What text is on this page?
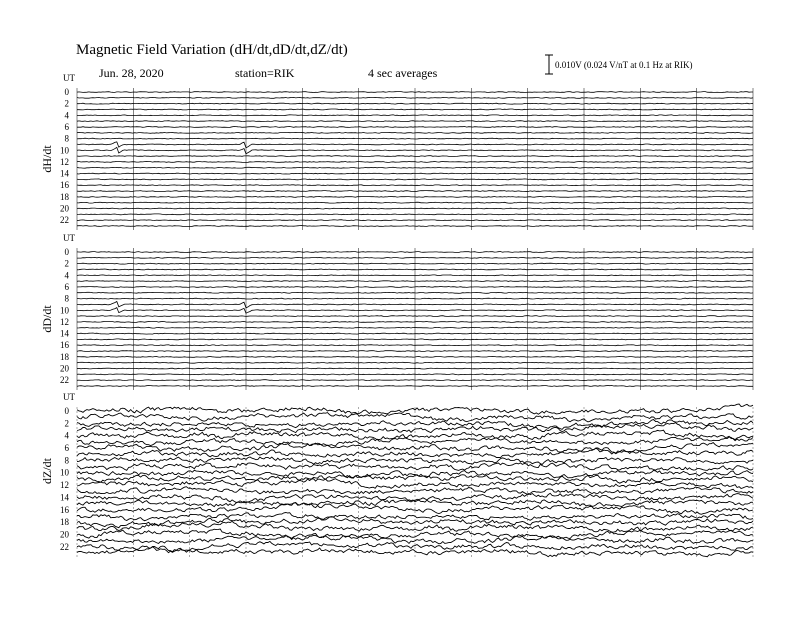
Magnetic Field Variation (dH/dt,dD/dt,dZ/dt)
Jun. 28, 2020	station=RIK	4 sec averages
0.010V (0.024 V/nT at 0.1 Hz at RIK)
UT
dH/dt
0
2
4
6
8
10
12
14
16
18
20
22
UT
dD/dt
0
2
4
6
8
10
12
14
16
18
20
22
UT
dZ/dt
0
2
4
6
8
10
12
14
16
18
20
22
